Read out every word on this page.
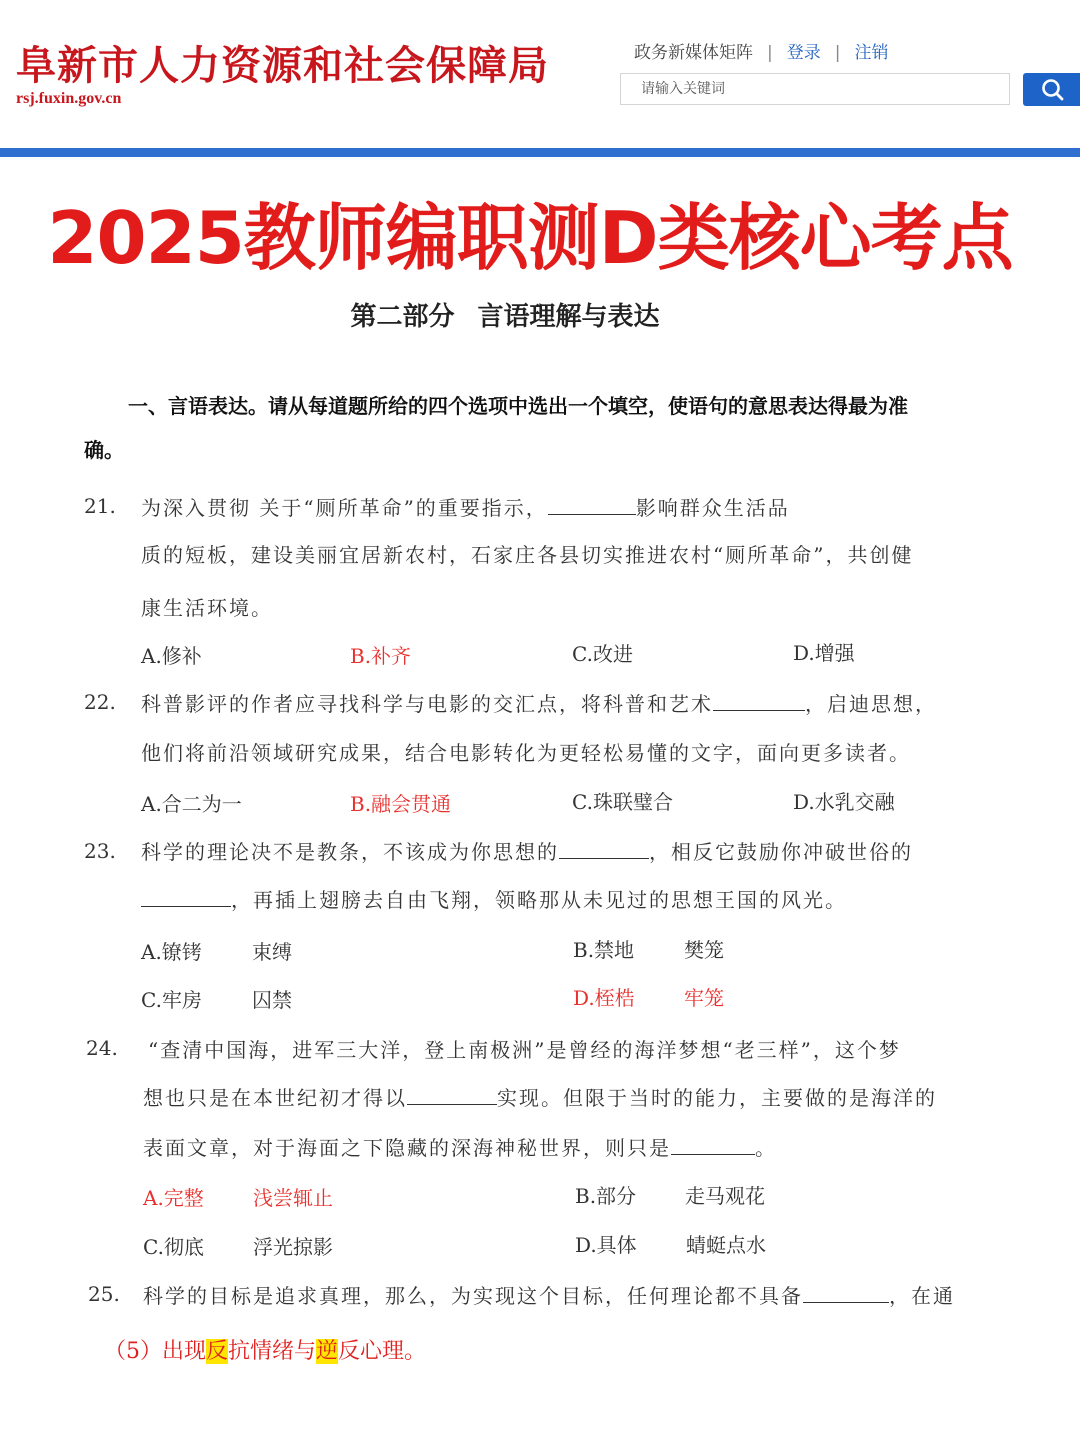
阜新市人力资源和社会保障局
rsj.fuxin.gov.cn
政务新媒体矩阵 | 登录 | 注销
请输入关键词
2025教师编职测D类核心考点
第二部分 言语理解与表达
一、言语表达。请从每道题所给的四个选项中选出一个填空，使语句的意思表达得最为准确。
21. 为深入贯彻 关于“厕所革命”的重要指示，	影响群众生活品
质的短板，建设美丽宜居新农村，石家庄各县切实推进农村“厕所革命”，共创健
康生活环境。
A.修补	B.补齐	C.改进	D.增强
22. 科普影评的作者应寻找科学与电影的交汇点，将科普和艺术	，启迪思想，
他们将前沿领域研究成果，结合电影转化为更轻松易懂的文字，面向更多读者。
A.合二为一	B.融会贯通	C.珠联璧合	D.水乳交融
23. 科学的理论决不是教条，不该成为你思想的	，相反它鼓励你冲破世俗的
，再插上翅膀去自由飞翔，领略那从未见过的思想王国的风光。
A.镣铐	束缚	B.禁地 樊笼
C.牢房	囚禁	D.桎梏 牢笼
24. “查清中国海，进军三大洋，登上南极洲”是曾经的海洋梦想“老三样”，这个梦
想也只是在本世纪初才得以	实现。但限于当时的能力，主要做的是海洋的
表面文章，对于海面之下隐藏的深海神秘世界，则只是	。
A.完整 浅尝辄止	B.部分 走马观花
C.彻底 浮光掠影	D.具体 蜻蜓点水
25. 科学的目标是追求真理，那么，为实现这个目标，任何理论都不具备	，在通
（5）出现反抗情绪与逆反心理。
